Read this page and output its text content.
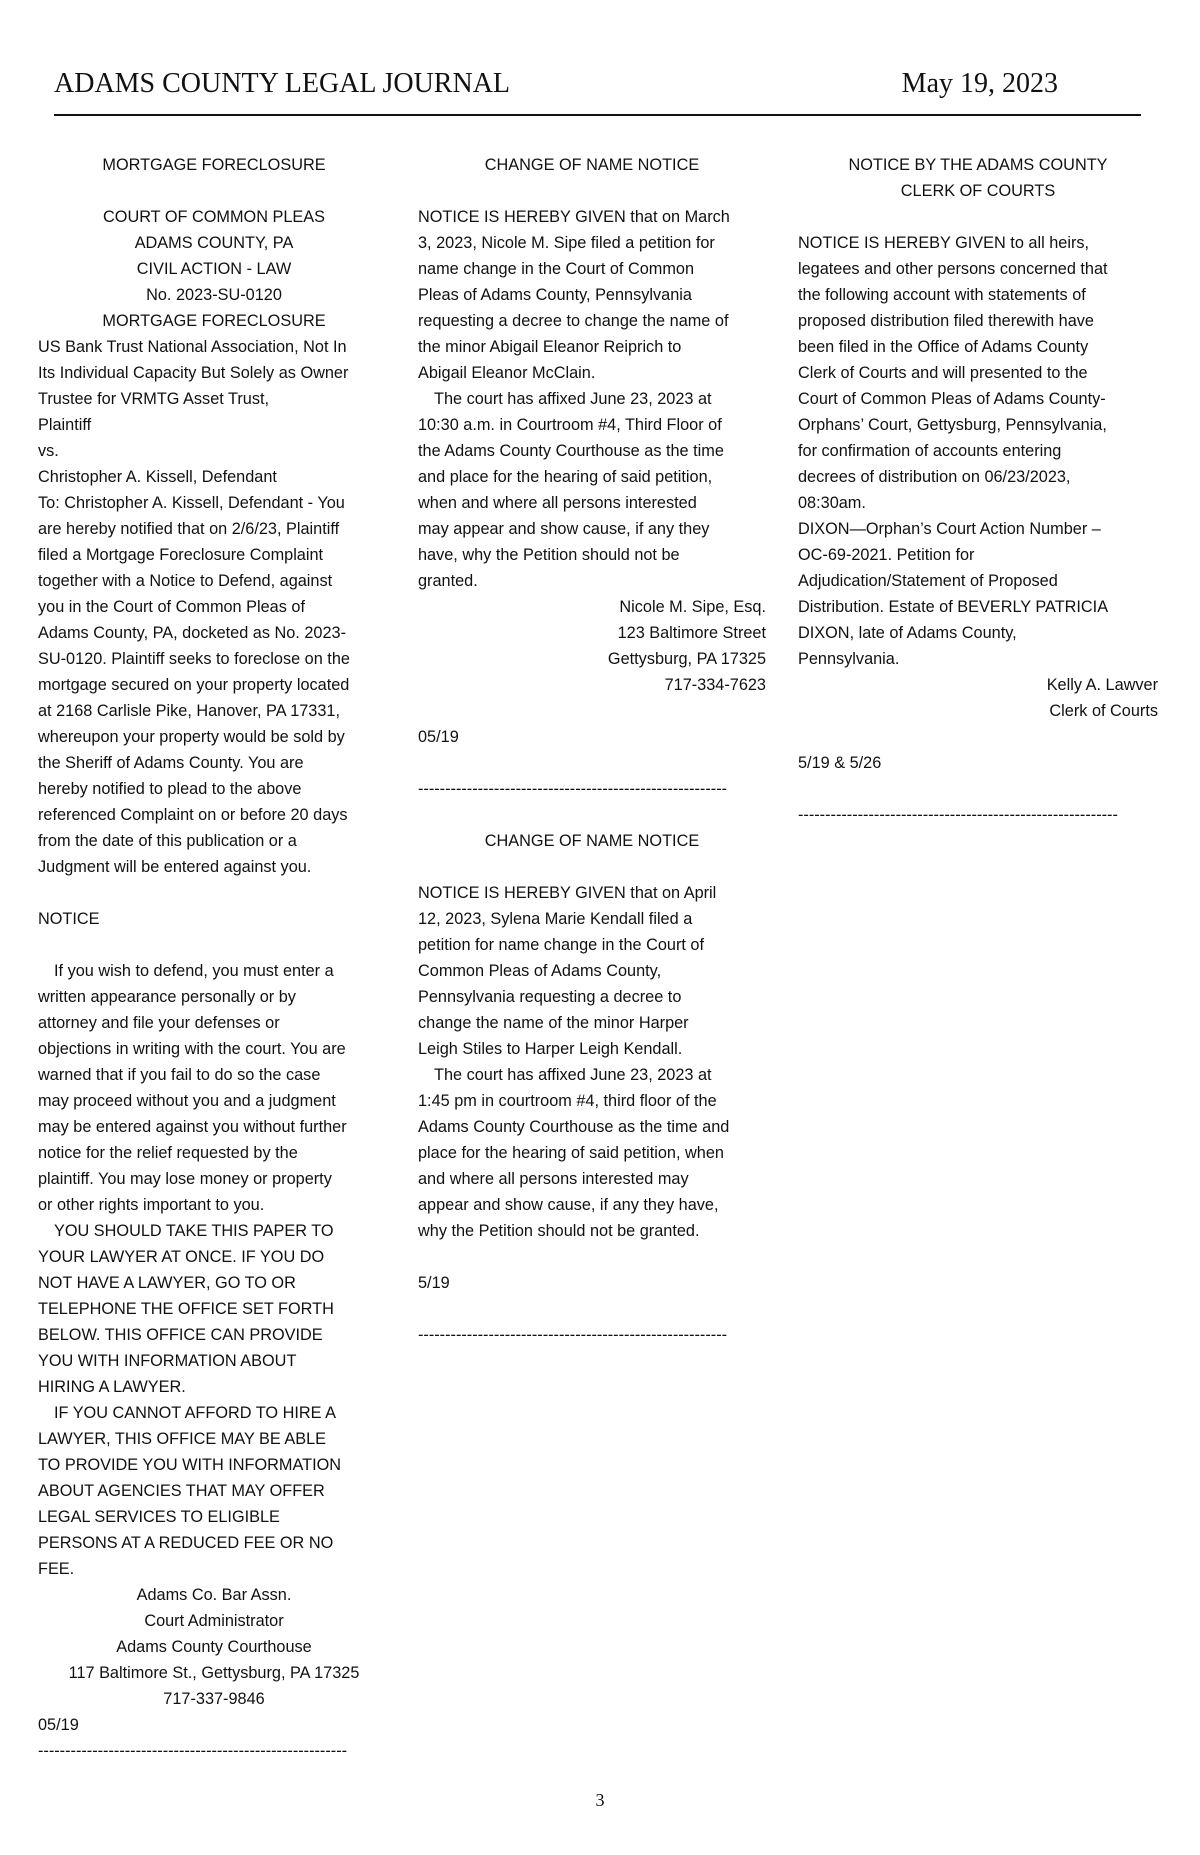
ADAMS COUNTY LEGAL JOURNAL	May 19, 2023

MORTGAGE FORECLOSURE

COURT OF COMMON PLEAS

ADAMS COUNTY, PA

CIVIL ACTION - LAW

No. 2023-SU-0120

MORTGAGE FORECLOSURE

US Bank Trust National Association, Not In

Its Individual Capacity But Solely as Owner

Trustee for VRMTG Asset Trust,

Plaintiff

vs.

Christopher A. Kissell, Defendant

To: Christopher A. Kissell, Defendant - You

are hereby notified that on 2/6/23, Plaintiff

filed a Mortgage Foreclosure Complaint

together with a Notice to Defend, against

you in the Court of Common Pleas of

Adams County, PA, docketed as No. 2023-

SU-0120. Plaintiff seeks to foreclose on the

mortgage secured on your property located

at 2168 Carlisle Pike, Hanover, PA 17331,

whereupon your property would be sold by

the Sheriff of Adams County. You are

hereby notified to plead to the above

referenced Complaint on or before 20 days

from the date of this publication or a

Judgment will be entered against you.

NOTICE

If you wish to defend, you must enter a

written appearance personally or by

attorney and file your defenses or

objections in writing with the court. You are

warned that if you fail to do so the case

may proceed without you and a judgment

may be entered against you without further

notice for the relief requested by the

plaintiff. You may lose money or property

or other rights important to you.

YOU SHOULD TAKE THIS PAPER TO

YOUR LAWYER AT ONCE. IF YOU DO

NOT HAVE A LAWYER, GO TO OR

TELEPHONE THE OFFICE SET FORTH

BELOW. THIS OFFICE CAN PROVIDE

YOU WITH INFORMATION ABOUT

HIRING A LAWYER.

IF YOU CANNOT AFFORD TO HIRE A

LAWYER, THIS OFFICE MAY BE ABLE

TO PROVIDE YOU WITH INFORMATION

ABOUT AGENCIES THAT MAY OFFER

LEGAL SERVICES TO ELIGIBLE

PERSONS AT A REDUCED FEE OR NO

FEE.

Adams Co. Bar Assn.

Court Administrator

Adams County Courthouse

117 Baltimore St., Gettysburg, PA 17325

717-337-9846

05/19

---------------------------------------------------------

CHANGE OF NAME NOTICE

NOTICE IS HEREBY GIVEN that on March

3, 2023, Nicole M. Sipe filed a petition for

name change in the Court of Common

Pleas of Adams County, Pennsylvania

requesting a decree to change the name of

the minor Abigail Eleanor Reiprich to

Abigail Eleanor McClain.

The court has affixed June 23, 2023 at

10:30 a.m. in Courtroom #4, Third Floor of

the Adams County Courthouse as the time

and place for the hearing of said petition,

when and where all persons interested

may appear and show cause, if any they

have, why the Petition should not be

granted.

Nicole M. Sipe, Esq.

123 Baltimore Street

Gettysburg, PA 17325

717-334-7623

05/19

---------------------------------------------------------

CHANGE OF NAME NOTICE

NOTICE IS HEREBY GIVEN that on April

12, 2023, Sylena Marie Kendall filed a

petition for name change in the Court of

Common Pleas of Adams County,

Pennsylvania requesting a decree to

change the name of the minor Harper

Leigh Stiles to Harper Leigh Kendall.

The court has affixed June 23, 2023 at

1:45 pm in courtroom #4, third floor of the

Adams County Courthouse as the time and

place for the hearing of said petition, when

and where all persons interested may

appear and show cause, if any they have,

why the Petition should not be granted.

5/19

---------------------------------------------------------

NOTICE BY THE ADAMS COUNTY

CLERK OF COURTS

NOTICE IS HEREBY GIVEN to all heirs,

legatees and other persons concerned that

the following account with statements of

proposed distribution filed therewith have

been filed in the Office of Adams County

Clerk of Courts and will presented to the

Court of Common Pleas of Adams County-

Orphans’ Court, Gettysburg, Pennsylvania,

for confirmation of accounts entering

decrees of distribution on 06/23/2023,

08:30am.

DIXON—Orphan’s Court Action Number –

OC-69-2021. Petition for

Adjudication/Statement of Proposed

Distribution. Estate of BEVERLY PATRICIA

DIXON, late of Adams County,

Pennsylvania.

Kelly A. Lawver

Clerk of Courts

5/19 & 5/26

-----------------------------------------------------------

3
